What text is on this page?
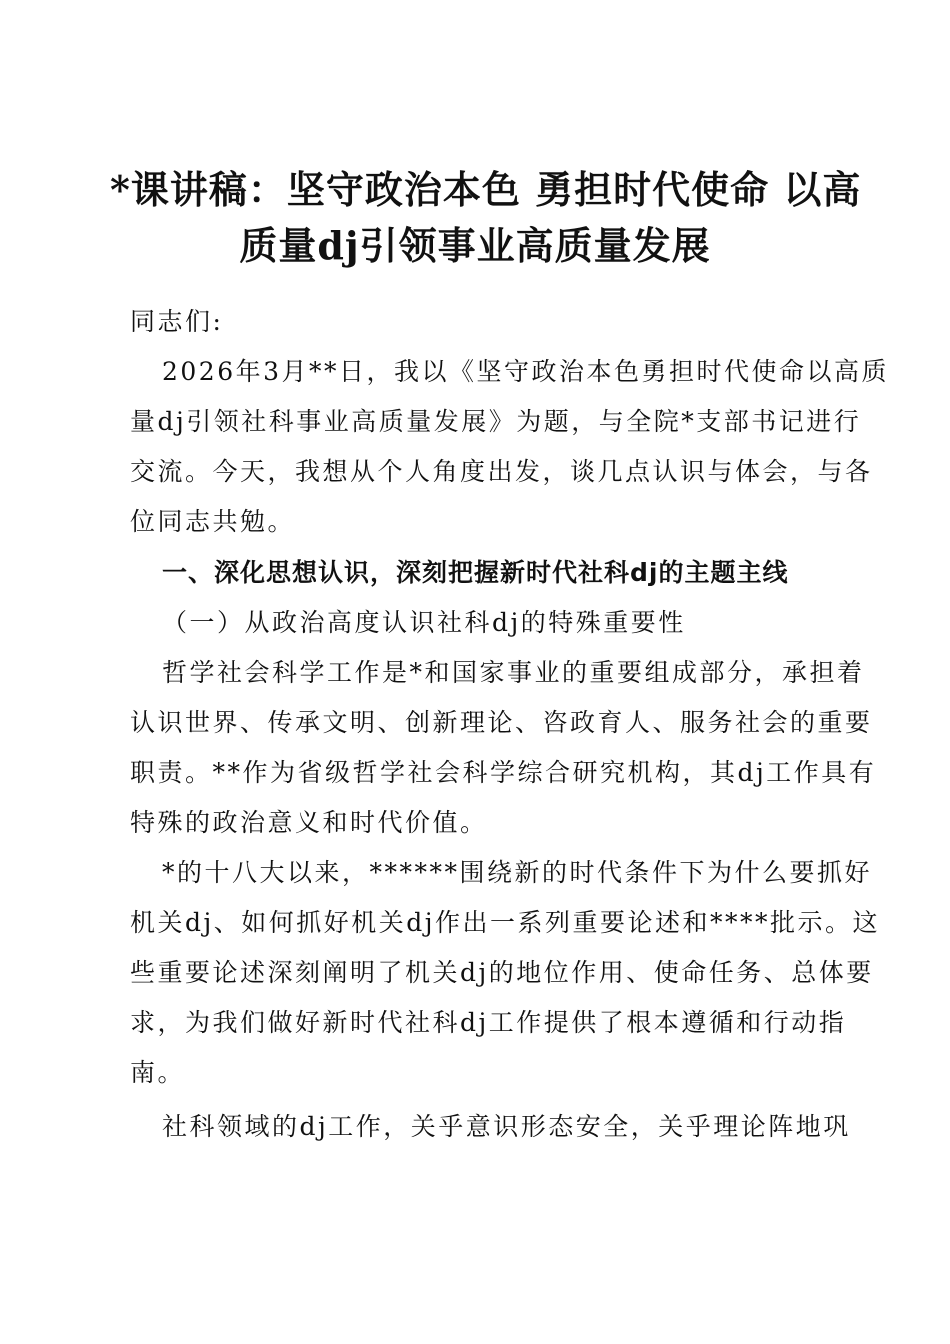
*课讲稿：坚守政治本色 勇担时代使命 以高
质量dj引领事业高质量发展
同志们:
2026年3月**日，我以《坚守政治本色勇担时代使命以高质
量dj引领社科事业高质量发展》为题，与全院*支部书记进行
交流。今天，我想从个人角度出发，谈几点认识与体会，与各
位同志共勉。
一、深化思想认识，深刻把握新时代社科dj的主题主线
（一）从政治高度认识社科dj的特殊重要性
哲学社会科学工作是*和国家事业的重要组成部分，承担着
认识世界、传承文明、创新理论、咨政育人、服务社会的重要
职责。**作为省级哲学社会科学综合研究机构，其dj工作具有
特殊的政治意义和时代价值。
*的十八大以来，******围绕新的时代条件下为什么要抓好
机关dj、如何抓好机关dj作出一系列重要论述和****批示。这
些重要论述深刻阐明了机关dj的地位作用、使命任务、总体要
求，为我们做好新时代社科dj工作提供了根本遵循和行动指
南。
社科领域的dj工作，关乎意识形态安全，关乎理论阵地巩
